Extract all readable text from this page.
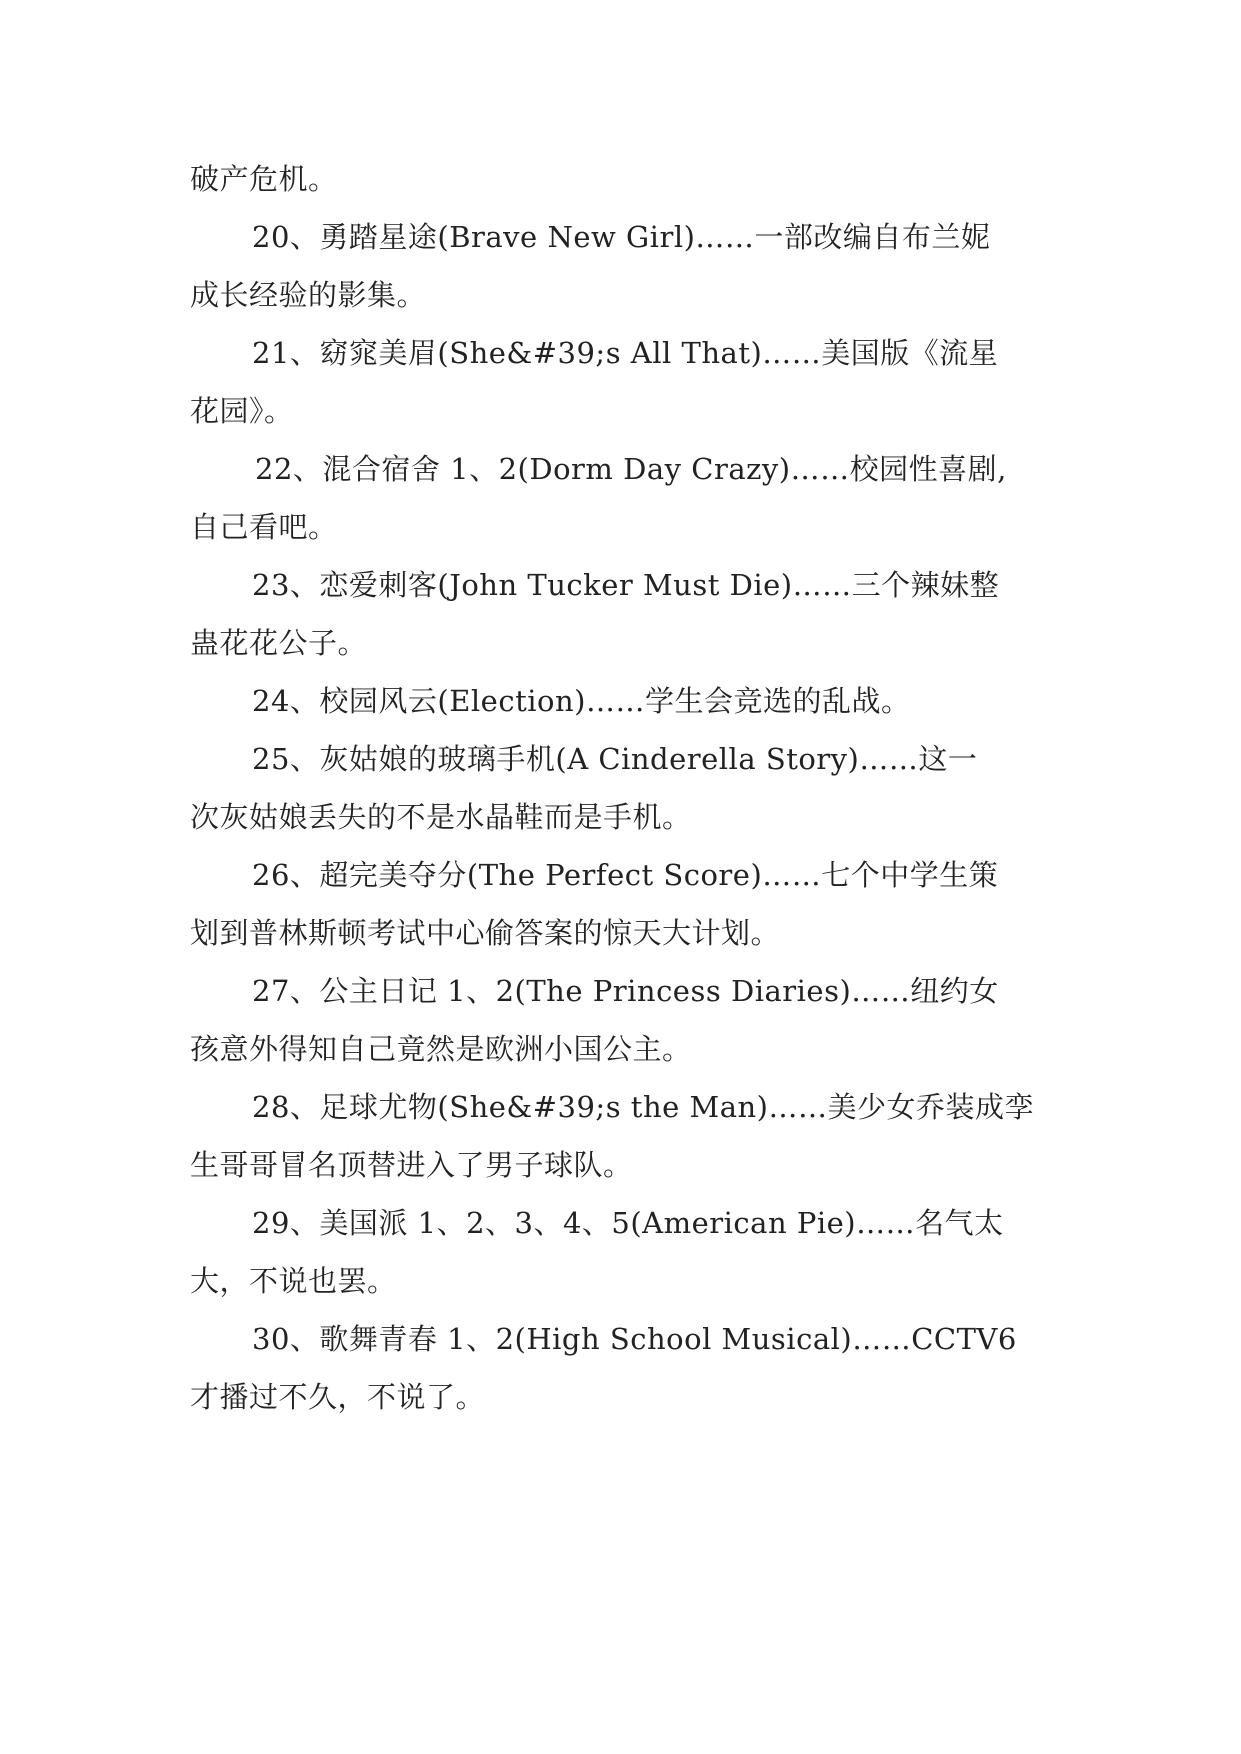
破产危机。
20、勇踏星途(Brave New Girl)……一部改编自布兰妮
成长经验的影集。
21、窈窕美眉(She&#39;s All That)……美国版《流星
花园》。
22、混合宿舍 1、2(Dorm Day Crazy)……校园性喜剧,
自己看吧。
23、恋爱刺客(John Tucker Must Die)……三个辣妹整
蛊花花公子。
24、校园风云(Election)……学生会竞选的乱战。
25、灰姑娘的玻璃手机(A Cinderella Story)……这一
次灰姑娘丢失的不是水晶鞋而是手机。
26、超完美夺分(The Perfect Score)……七个中学生策
划到普林斯顿考试中心偷答案的惊天大计划。
27、公主日记 1、2(The Princess Diaries)……纽约女
孩意外得知自己竟然是欧洲小国公主。
28、足球尤物(She&#39;s the Man)……美少女乔装成孪
生哥哥冒名顶替进入了男子球队。
29、美国派 1、2、3、4、5(American Pie)……名气太
大，不说也罢。
30、歌舞青春 1、2(High School Musical)……CCTV6
才播过不久，不说了。
